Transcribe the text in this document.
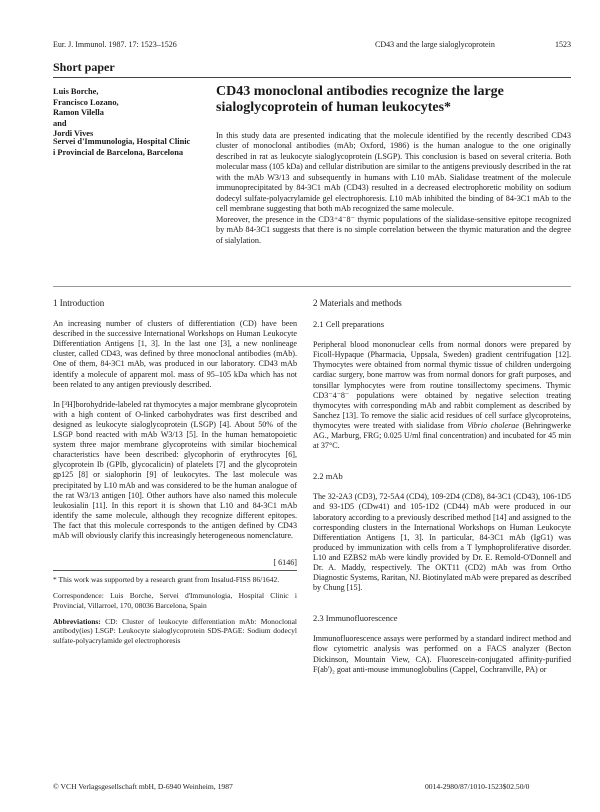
Eur. J. Immunol. 1987. 17: 1523–1526	CD43 and the large sialoglycoprotein	1523
Short paper
Luis Borche,
Francisco Lozano,
Ramon Vilella
and
Jordi Vives
Servei d'Immunologia, Hospital Clinic
i Provincial de Barcelona, Barcelona
CD43 monoclonal antibodies recognize the large sialoglycoprotein of human leukocytes*

In this study data are presented indicating that the molecule identified by the recently described CD43 cluster of monoclonal antibodies (mAb; Oxford, 1986) is the human analogue to the one originally described in rat as leukocyte sialoglycoprotein (LSGP). This conclusion is based on several criteria. Both molecular mass (105 kDa) and cellular distribution are similar to the antigens previously described in the rat with the mAb W3/13 and subsequently in humans with L10 mAb. Sialidase treatment of the molecule immunoprecipitated by 84-3C1 mAb (CD43) resulted in a decreased electrophoretic mobility on sodium dodecyl sulfate-polyacrylamide gel electrophoresis. L10 mAb inhibited the binding of 84-3C1 mAb to the cell membrane suggesting that both mAb recognized the same molecule.

Moreover, the presence in the CD3⁺4⁻8⁻ thymic populations of the sialidase-sensitive epitope recognized by mAb 84-3C1 suggests that there is no simple correlation between the thymic maturation and the degree of sialylation.

1 Introduction

An increasing number of clusters of differentiation (CD) have been described in the successive International Workshops on Human Leukocyte Differentiation Antigens [1, 3]. In the last one [3], a new nonlineage cluster, called CD43, was defined by three monoclonal antibodies (mAb). One of them, 84-3C1 mAb, was produced in our laboratory. CD43 mAb identify a molecule of apparent mol. mass of 95–105 kDa which has not been related to any antigen previously described.

In [³H]borohydride-labeled rat thymocytes a major membrane glycoprotein with a high content of O-linked carbohydrates was first described and designed as leukocyte sialoglycoprotein (LSGP) [4]. About 50% of the LSGP bond reacted with mAb W3/13 [5]. In the human hematopoietic system three major membrane glycoproteins with similar biochemical characteristics have been described: glycophorin of erythrocytes [6], glycoprotein Ib (GPIb, glycocalicin) of platelets [7] and the glycoprotein gp125 [8] or sialophorin [9] of leukocytes. The last molecule was precipitated by L10 mAb and was considered to be the human analogue of the rat W3/13 antigen [10]. Other authors have also named this molecule leukosialin [11]. In this report it is shown that L10 and 84-3C1 mAb identify the same molecule, although they recognize different epitopes. The fact that this molecule corresponds to the antigen defined by CD43 mAb will obviously clarify this increasingly heterogeneous nomenclature.

[ 6146]

* This work was supported by a research grant from Insalud-FISS 86/1642.

Correspondence: Luis Borche, Servei d'Immunologia, Hospital Clinic i Provincial, Villarroel, 170, 08036 Barcelona, Spain

Abbreviations: CD: Cluster of leukocyte differentiation mAb: Monoclonal antibody(ies) LSGP: Leukocyte sialoglycoprotein SDS-PAGE: Sodium dodecyl sulfate-polyacrylamide gel electrophoresis

2 Materials and methods
2.1 Cell preparations

Peripheral blood mononuclear cells from normal donors were prepared by Ficoll-Hypaque (Pharmacia, Uppsala, Sweden) gradient centrifugation [12]. Thymocytes were obtained from normal thymic tissue of children undergoing cardiac surgery, bone marrow was from normal donors for graft purposes, and tonsillar lymphocytes were from routine tonsillectomy specimens. Thymic CD3⁻4⁻8⁻ populations were obtained by negative selection treating thymocytes with corresponding mAb and rabbit complement as described by Sanchez [13]. To remove the sialic acid residues of cell surface glycoproteins, thymocytes were treated with sialidase from Vibrio cholerae (Behringwerke AG., Marburg, FRG; 0.025 U/ml final concentration) and incubated for 45 min at 37°C.

2.2 mAb

The 32-2A3 (CD3), 72-5A4 (CD4), 109-2D4 (CD8), 84-3C1 (CD43), 106-1D5 and 93-1D5 (CDw41) and 105-1D2 (CD44) mAb were produced in our laboratory according to a previously described method [14] and assigned to the corresponding clusters in the International Workshops on Human Leukocyte Differentiation Antigens [1, 3]. In particular, 84-3C1 mAb (IgG1) was produced by immunization with cells from a T lymphoproliferative disorder. L10 and EZBS2 mAb were kindly provided by Dr. E. Remold-O'Donnell and Dr. A. Maddy, respectively. The OKT11 (CD2) mAb was from Ortho Diagnostic Systems, Raritan, NJ. Biotinylated mAb were prepared as described by Chung [15].

2.3 Immunofluorescence

Immunofluorescence assays were performed by a standard indirect method and flow cytometric analysis was performed on a FACS analyzer (Becton Dickinson, Mountain View, CA). Fluorescein-conjugated affinity-purified F(ab')₂ goat anti-mouse immunoglobulins (Cappel, Cochranville, PA) or

© VCH Verlagsgesellschaft mbH, D-6940 Weinheim, 1987	0014-2980/87/1010-1523$02.50/0
